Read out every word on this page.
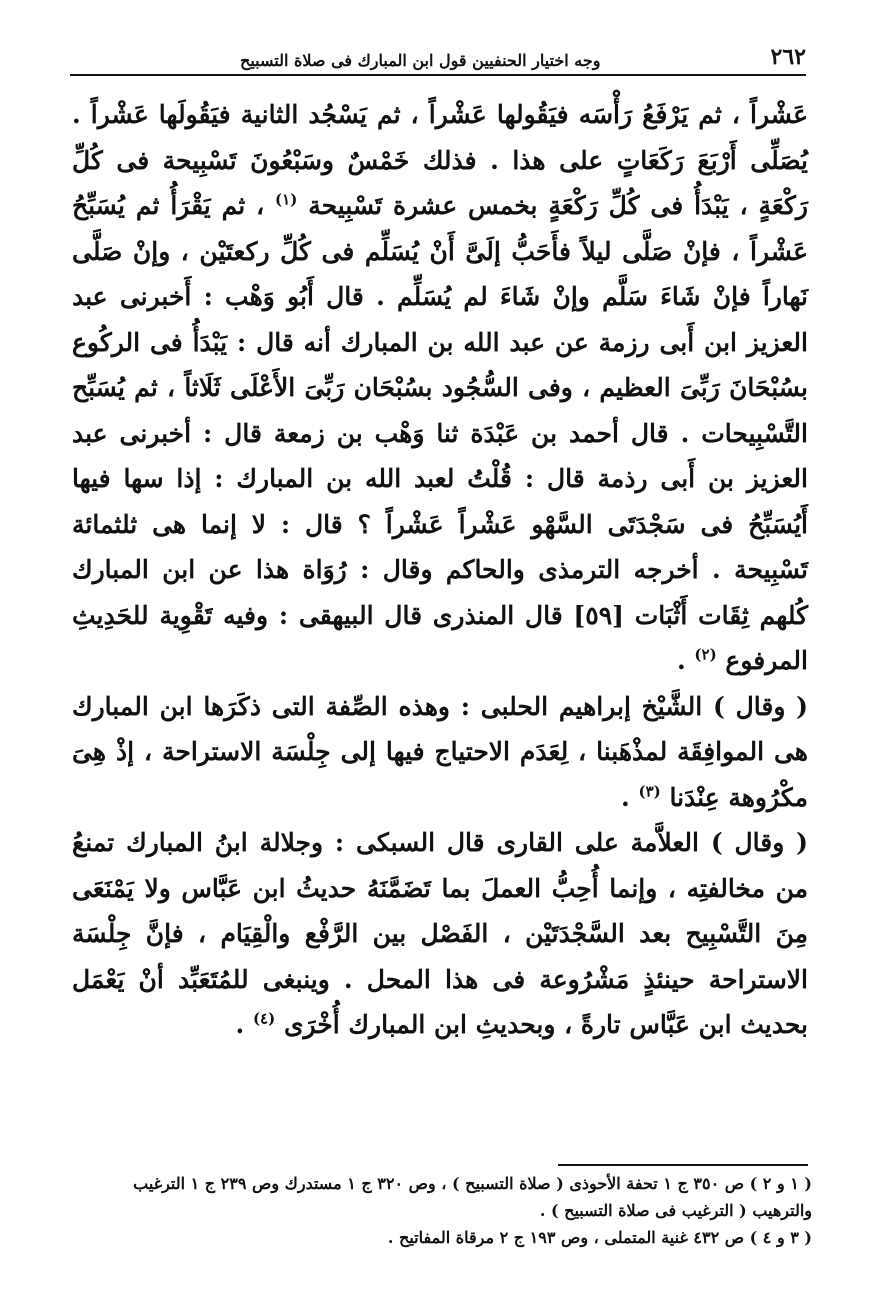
٢٦٢
وجه اختيار الحنفيين قول ابن المبارك فى صلاة التسبيح

عَشْراً ، ثم يَرْفَعُ رَأْسَه فيَقُولها عَشْراً ، ثم يَسْجُد الثانية فيَقُولَها عَشْراً . يُصَلِّى أَرْبَعَ رَكَعَاتٍ على هذا . فذلك خَمْسٌ وسَبْعُونَ تَسْبِيحة فى كُلِّ رَكْعَةٍ ، يَبْدَأُ فى كُلِّ رَكْعَةٍ بخمس عشرة تَسْبِيحة $^{(١)}$ ، ثم يَقْرَأُ ثم يُسَبِّحُ عَشْراً ، فإنْ صَلَّى ليلاً فأَحَبُّ إلَىَّ أَنْ يُسَلِّم فى كُلِّ ركعتَيْن ، وإنْ صَلَّى نَهاراً فإنْ شَاءَ سَلَّم وإنْ شَاءَ لم يُسَلِّم . قال أَبُو وَهْب : أَخبرنى عبد العزيز ابن أَبى رزمة عن عبد الله بن المبارك أنه قال : يَبْدَأُ فى الركُوع بسُبْحَانَ رَبِّىَ العظيم ، وفى السُّجُود بسُبْحَان رَبِّىَ الأَعْلَى ثَلَاثاً ، ثم يُسَبِّح التَّسْبِيحات . قال أحمد بن عَبْدَة ثنا وَهْب بن زمعة قال : أخبرنى عبد العزيز بن أَبى رذمة قال : قُلْتُ لعبد الله بن المبارك : إذا سها فيها أَيُسَبِّحُ فى سَجْدَتَى السَّهْو عَشْراً عَشْراً ؟ قال : لا إنما هى ثلثمائة تَسْبِيحة . أخرجه الترمذى والحاكم وقال : رُوَاة هذا عن ابن المبارك كُلهم ثِقَات أَثْبَات [٥٩] قال المنذرى قال البيهقى : وفيه تَقْوِية للحَدِيثِ المرفوع $^{(٢)}$ .

( وقال ) الشَّيْخ إبراهيم الحلبى : وهذه الصِّفة التى ذكَرَها ابن المبارك هى الموافِقَة لمذْهَبنا ، لِعَدَم الاحتياج فيها إلى جِلْسَة الاستراحة ، إذْ هِىَ مكْرُوهة عِنْدَنا $^{(٣)}$ .

( وقال ) العلاَّمة على القارى قال السبكى : وجلالة ابنُ المبارك تمنعُ من مخالفتِه ، وإنما أُحِبُّ العملَ بما تَضَمَّنَهُ حديثُ ابن عَبَّاس ولا يَمْنَعَى مِنَ التَّسْبِيح بعد السَّجْدَتَيْن ، الفَصْل بين الرَّفْع والْقِيَام ، فإنَّ جِلْسَة الاستراحة حينئذٍ مَشْرُوعة فى هذا المحل . وينبغى للمُتَعَبِّد أنْ يَعْمَل بحديث ابن عَبَّاس تارةً ، وبحديثِ ابن المبارك أُخْرَى $^{(٤)}$ .

( ١ و ٢ ) ص ٣٥٠ ج ١ تحفة الأحوذى ( صلاة التسبيح ) ، وص ٣٢٠ ج ١ مستدرك وص ٢٣٩ ج ١ الترغيب والترهيب ( الترغيب فى صلاة التسبيح ) .

( ٣ و ٤ ) ص ٤٣٢ غنية المتملى ، وص ١٩٣ ج ٢ مرقاة المفاتيح .
